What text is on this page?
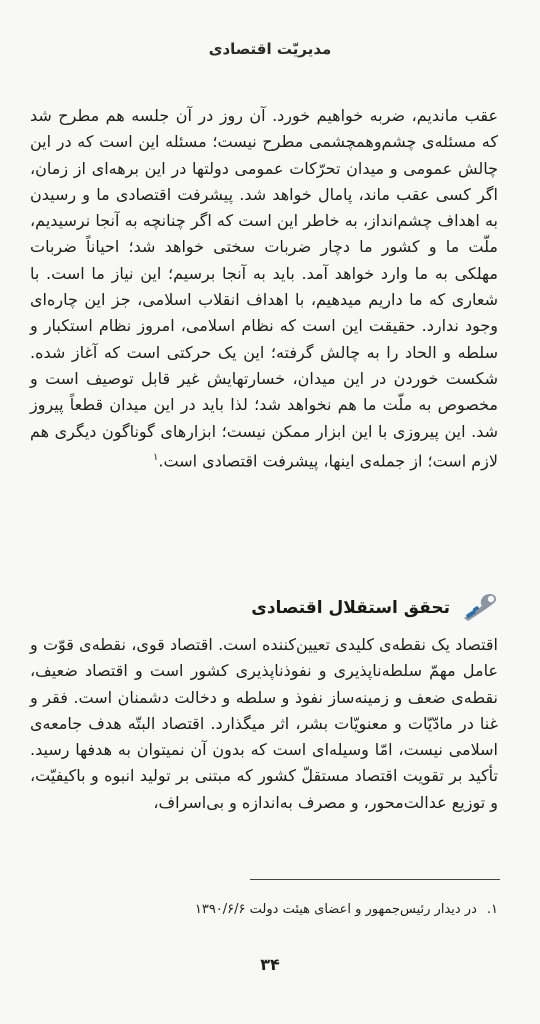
مدیریّت اقتصادی

عقب ماندیم، ضربه خواهیم خورد. آن روز در آن جلسه هم مطرح شد که مسئله‌ی چشم‌وهمچشمی مطرح نیست؛ مسئله این است که در این چالش عمومی و میدان تحرّکات عمومی دولتها در این برهه‌ای از زمان، اگر کسی عقب ماند، پامال خواهد شد. پیشرفت اقتصادی ما و رسیدن به اهداف چشم‌انداز، به خاطر این است که اگر چنانچه به آنجا نرسیدیم، ملّت ما و کشور ما دچار ضربات سختی خواهد شد؛ احیاناً ضربات مهلکی به ما وارد خواهد آمد. باید به آنجا برسیم؛ این نیاز ما است. با شعاری که ما داریم میدهیم، با اهداف انقلاب اسلامی، جز این چاره‌ای وجود ندارد. حقیقت این است که نظام اسلامی، امروز نظام استکبار و سلطه و الحاد را به چالش گرفته؛ این یک حرکتی است که آغاز شده. شکست خوردن در این میدان، خسارتهایش غیر قابل توصیف است و مخصوص به ملّت ما هم نخواهد شد؛ لذا باید در این میدان قطعاً پیروز شد. این پیروزی با این ابزار ممکن نیست؛ ابزارهای گوناگون دیگری هم لازم است؛ از جمله‌ی اینها، پیشرفت اقتصادی است.$^۱$

تحقق استقلال اقتصادی

اقتصاد یک نقطه‌ی کلیدی تعیین‌کننده است. اقتصاد قوی، نقطه‌ی قوّت و عامل مهمّ سلطه‌ناپذیری و نفوذناپذیری کشور است و اقتصاد ضعیف، نقطه‌ی ضعف و زمینه‌ساز نفوذ و سلطه و دخالت دشمنان است. فقر و غنا در مادّیّات و معنویّات بشر، اثر میگذارد. اقتصاد البتّه هدف جامعه‌ی اسلامی نیست، امّا وسیله‌ای است که بدون آن نمیتوان به هدفها رسید. تأکید بر تقویت اقتصاد مستقلّ کشور که مبتنی بر تولید انبوه و باکیفیّت، و توزیع عدالت‌محور، و مصرف به‌اندازه و بی‌اسراف،

۱.در دیدار رئیس‌جمهور و اعضای هیئت دولت ۱۳۹۰/۶/۶
۳۴
